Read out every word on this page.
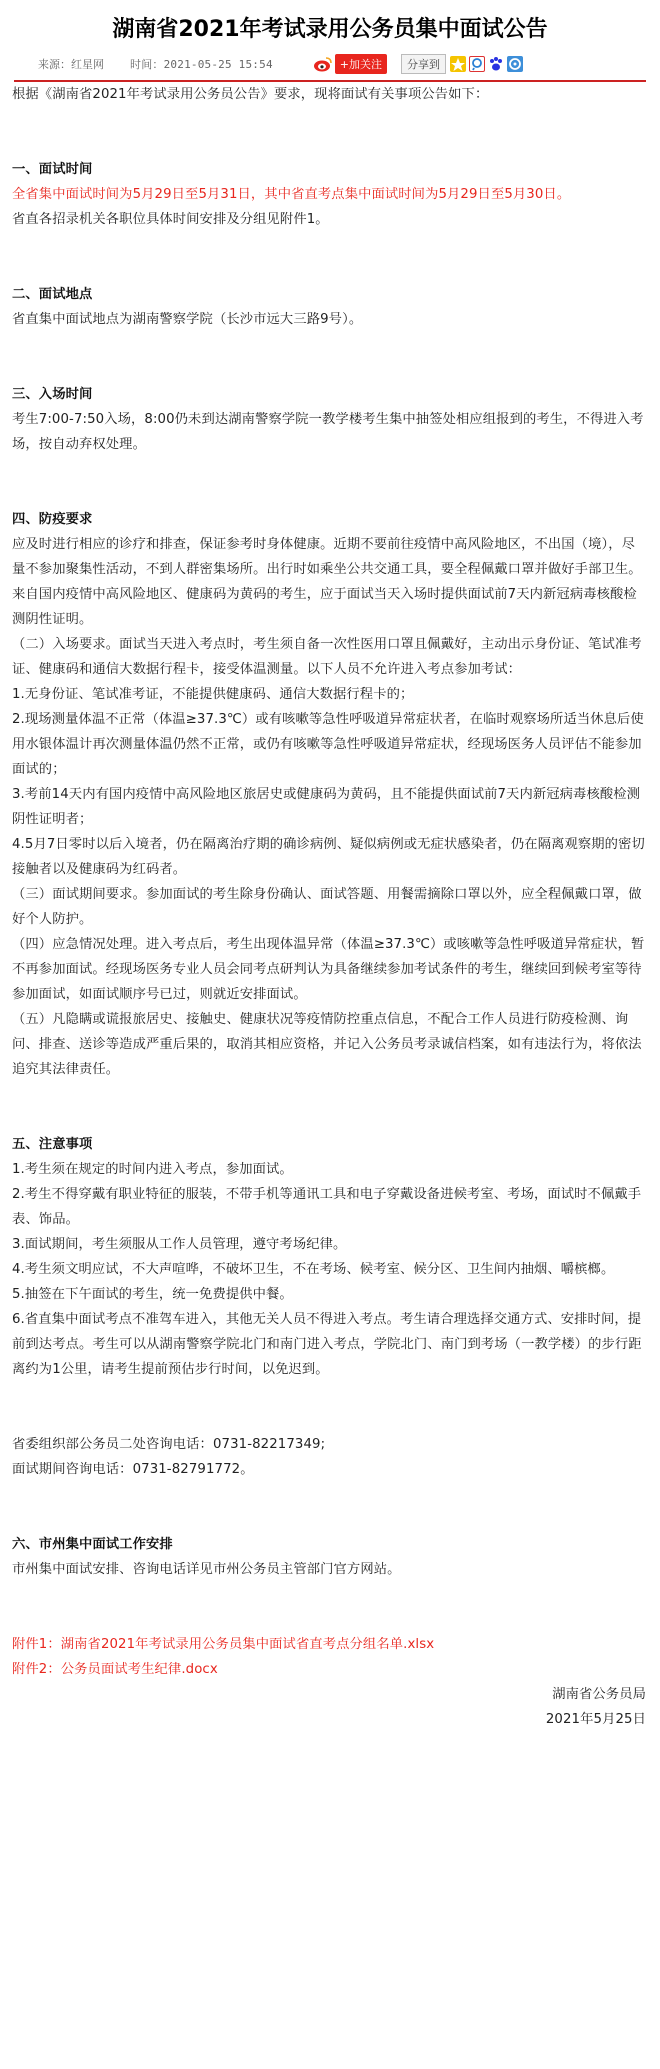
湖南省2021年考试录用公务员集中面试公告
来源：红星网 时间：2021-05-25 15:54	+加关注	分享到

根据《湖南省2021年考试录用公务员公告》要求，现将面试有关事项公告如下：

一、面试时间

全省集中面试时间为5月29日至5月31日，其中省直考点集中面试时间为5月29日至5月30日。

省直各招录机关各职位具体时间安排及分组见附件1。

二、面试地点

省直集中面试地点为湖南警察学院（长沙市远大三路9号）。

三、入场时间

考生7:00-7:50入场，8:00仍未到达湖南警察学院一教学楼考生集中抽签处相应组报到的考生，不得进入考场，按自动弃权处理。

四、防疫要求

应及时进行相应的诊疗和排查，保证参考时身体健康。近期不要前往疫情中高风险地区，不出国（境），尽量不参加聚集性活动，不到人群密集场所。出行时如乘坐公共交通工具，要全程佩戴口罩并做好手部卫生。来自国内疫情中高风险地区、健康码为黄码的考生，应于面试当天入场时提供面试前7天内新冠病毒核酸检测阴性证明。

（二）入场要求。面试当天进入考点时，考生须自备一次性医用口罩且佩戴好，主动出示身份证、笔试准考证、健康码和通信大数据行程卡，接受体温测量。以下人员不允许进入考点参加考试：

1.无身份证、笔试准考证，不能提供健康码、通信大数据行程卡的；

2.现场测量体温不正常（体温≥37.3℃）或有咳嗽等急性呼吸道异常症状者，在临时观察场所适当休息后使用水银体温计再次测量体温仍然不正常，或仍有咳嗽等急性呼吸道异常症状，经现场医务人员评估不能参加面试的；

3.考前14天内有国内疫情中高风险地区旅居史或健康码为黄码，且不能提供面试前7天内新冠病毒核酸检测阴性证明者；

4.5月7日零时以后入境者，仍在隔离治疗期的确诊病例、疑似病例或无症状感染者，仍在隔离观察期的密切接触者以及健康码为红码者。

（三）面试期间要求。参加面试的考生除身份确认、面试答题、用餐需摘除口罩以外，应全程佩戴口罩，做好个人防护。

（四）应急情况处理。进入考点后，考生出现体温异常（体温≥37.3℃）或咳嗽等急性呼吸道异常症状，暂不再参加面试。经现场医务专业人员会同考点研判认为具备继续参加考试条件的考生，继续回到候考室等待参加面试，如面试顺序号已过，则就近安排面试。

（五）凡隐瞒或谎报旅居史、接触史、健康状况等疫情防控重点信息，不配合工作人员进行防疫检测、询问、排查、送诊等造成严重后果的，取消其相应资格，并记入公务员考录诚信档案，如有违法行为，将依法追究其法律责任。

五、注意事项

1.考生须在规定的时间内进入考点，参加面试。

2.考生不得穿戴有职业特征的服装，不带手机等通讯工具和电子穿戴设备进候考室、考场，面试时不佩戴手表、饰品。

3.面试期间，考生须服从工作人员管理，遵守考场纪律。

4.考生须文明应试，不大声喧哗，不破坏卫生，不在考场、候考室、候分区、卫生间内抽烟、嚼槟榔。

5.抽签在下午面试的考生，统一免费提供中餐。

6.省直集中面试考点不准驾车进入，其他无关人员不得进入考点。考生请合理选择交通方式、安排时间，提前到达考点。考生可以从湖南警察学院北门和南门进入考点，学院北门、南门到考场（一教学楼）的步行距离约为1公里，请考生提前预估步行时间，以免迟到。

省委组织部公务员二处咨询电话：0731-82217349;

面试期间咨询电话：0731-82791772。

六、市州集中面试工作安排

市州集中面试安排、咨询电话详见市州公务员主管部门官方网站。

附件1：湖南省2021年考试录用公务员集中面试省直考点分组名单.xlsx

附件2：公务员面试考生纪律.docx

湖南省公务员局

2021年5月25日
